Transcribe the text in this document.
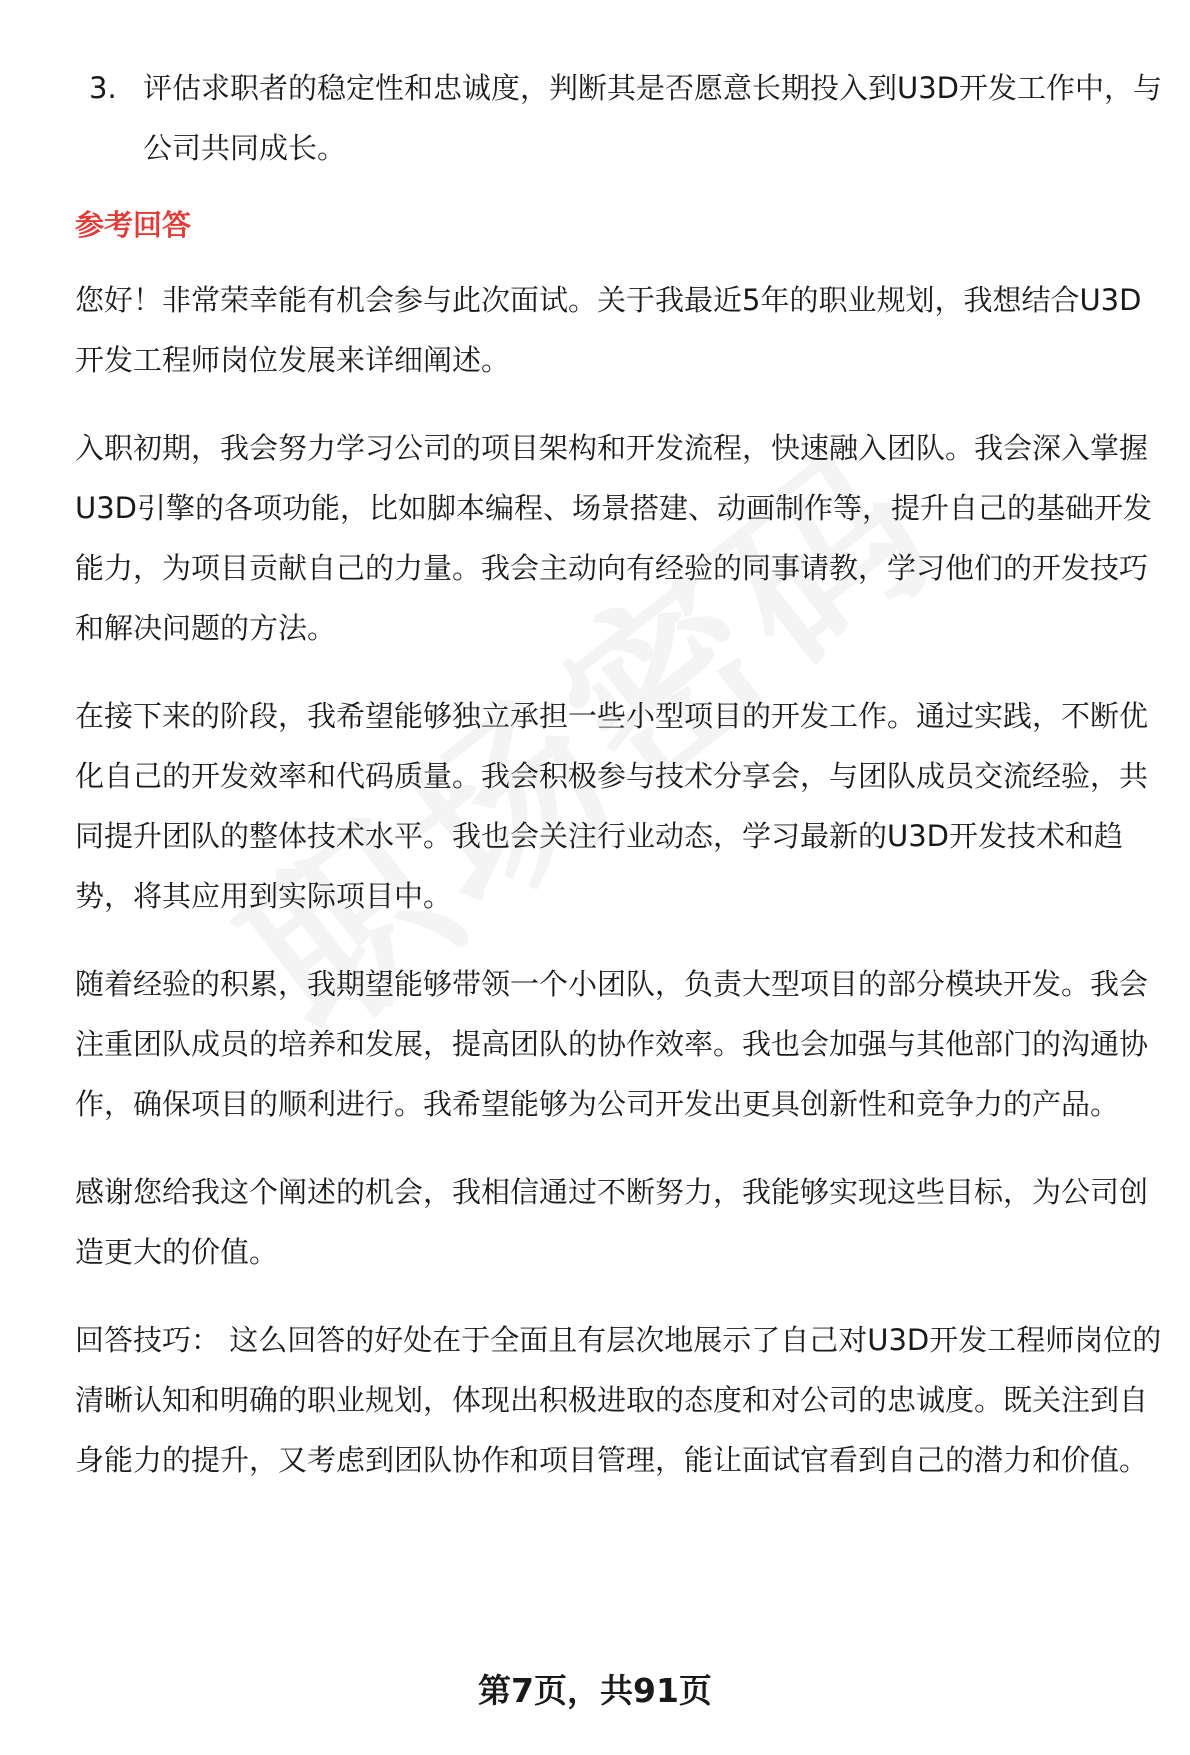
3. 评估求职者的稳定性和忠诚度，判断其是否愿意长期投入到U3D开发工作中，与公司共同成长。
参考回答

您好！非常荣幸能有机会参与此次面试。关于我最近5年的职业规划，我想结合U3D开发工程师岗位发展来详细阐述。

入职初期，我会努力学习公司的项目架构和开发流程，快速融入团队。我会深入掌握U3D引擎的各项功能，比如脚本编程、场景搭建、动画制作等，提升自己的基础开发能力，为项目贡献自己的力量。我会主动向有经验的同事请教，学习他们的开发技巧和解决问题的方法。

在接下来的阶段，我希望能够独立承担一些小型项目的开发工作。通过实践，不断优化自己的开发效率和代码质量。我会积极参与技术分享会，与团队成员交流经验，共同提升团队的整体技术水平。我也会关注行业动态，学习最新的U3D开发技术和趋势，将其应用到实际项目中。

随着经验的积累，我期望能够带领一个小团队，负责大型项目的部分模块开发。我会注重团队成员的培养和发展，提高团队的协作效率。我也会加强与其他部门的沟通协作，确保项目的顺利进行。我希望能够为公司开发出更具创新性和竞争力的产品。

感谢您给我这个阐述的机会，我相信通过不断努力，我能够实现这些目标，为公司创造更大的价值。

回答技巧： 这么回答的好处在于全面且有层次地展示了自己对U3D开发工程师岗位的清晰认知和明确的职业规划，体现出积极进取的态度和对公司的忠诚度。既关注到自身能力的提升，又考虑到团队协作和项目管理，能让面试官看到自己的潜力和价值。

第7页，共91页
